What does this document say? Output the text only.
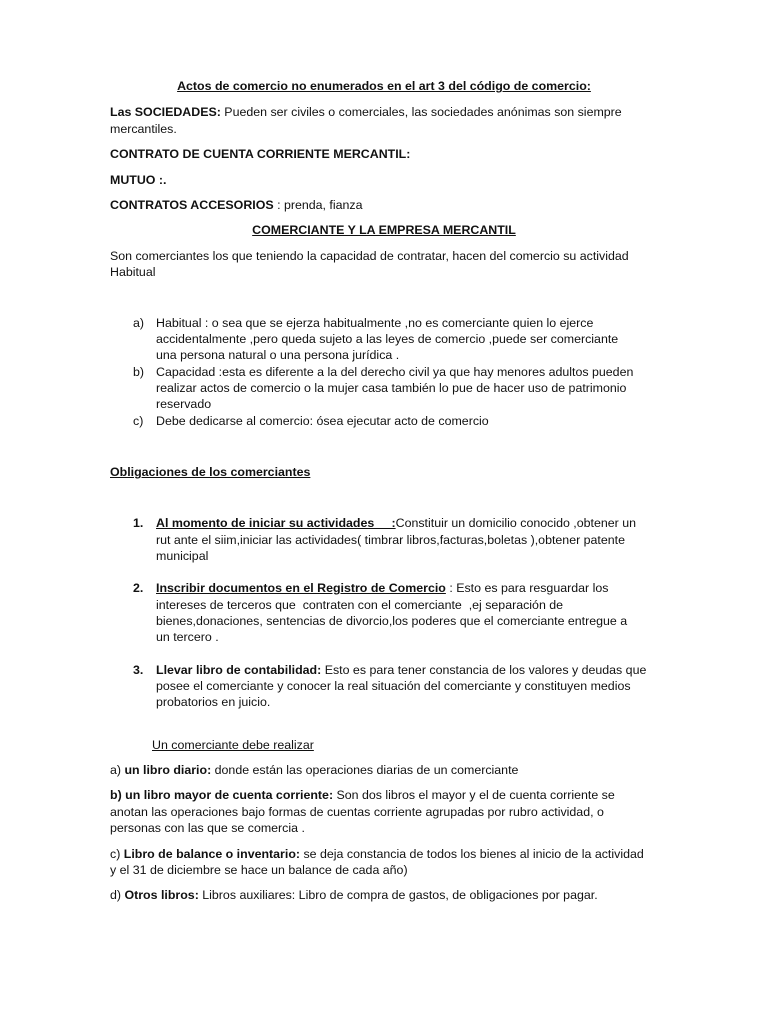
Actos de comercio no enumerados en el art 3 del código de comercio:
Las SOCIEDADES: Pueden ser civiles o comerciales, las sociedades anónimas son siempre
mercantiles.
CONTRATO DE CUENTA CORRIENTE MERCANTIL:
MUTUO :.
CONTRATOS ACCESORIOS : prenda, fianza
COMERCIANTE Y LA EMPRESA MERCANTIL
Son comerciantes los que teniendo la capacidad de contratar, hacen del comercio su actividad
Habitual
a) Habitual : o sea que se ejerza habitualmente ,no es comerciante quien lo ejerce
accidentalmente ,pero queda sujeto a las leyes de comercio ,puede ser comerciante
una persona natural o una persona jurídica .
b) Capacidad :esta es diferente a la del derecho civil ya que hay menores adultos pueden
realizar actos de comercio o la mujer casa también lo pue de hacer uso de patrimonio
reservado
c) Debe dedicarse al comercio: ósea ejecutar acto de comercio
Obligaciones de los comerciantes
1. Al momento de iniciar su actividades     :Constituir un domicilio conocido ,obtener un
rut ante el siim,iniciar las actividades( timbrar libros,facturas,boletas ),obtener patente
municipal
2. Inscribir documentos en el Registro de Comercio : Esto es para resguardar los
intereses de terceros que  contraten con el comerciante  ,ej separación de
bienes,donaciones, sentencias de divorcio,los poderes que el comerciante entregue a
un tercero .
3. Llevar libro de contabilidad: Esto es para tener constancia de los valores y deudas que
posee el comerciante y conocer la real situación del comerciante y constituyen medios
probatorios en juicio.
Un comerciante debe realizar
a) un libro diario: donde están las operaciones diarias de un comerciante
b) un libro mayor de cuenta corriente: Son dos libros el mayor y el de cuenta corriente se
anotan las operaciones bajo formas de cuentas corriente agrupadas por rubro actividad, o
personas con las que se comercia .
c) Libro de balance o inventario: se deja constancia de todos los bienes al inicio de la actividad
y el 31 de diciembre se hace un balance de cada año)
d) Otros libros: Libros auxiliares: Libro de compra de gastos, de obligaciones por pagar.
